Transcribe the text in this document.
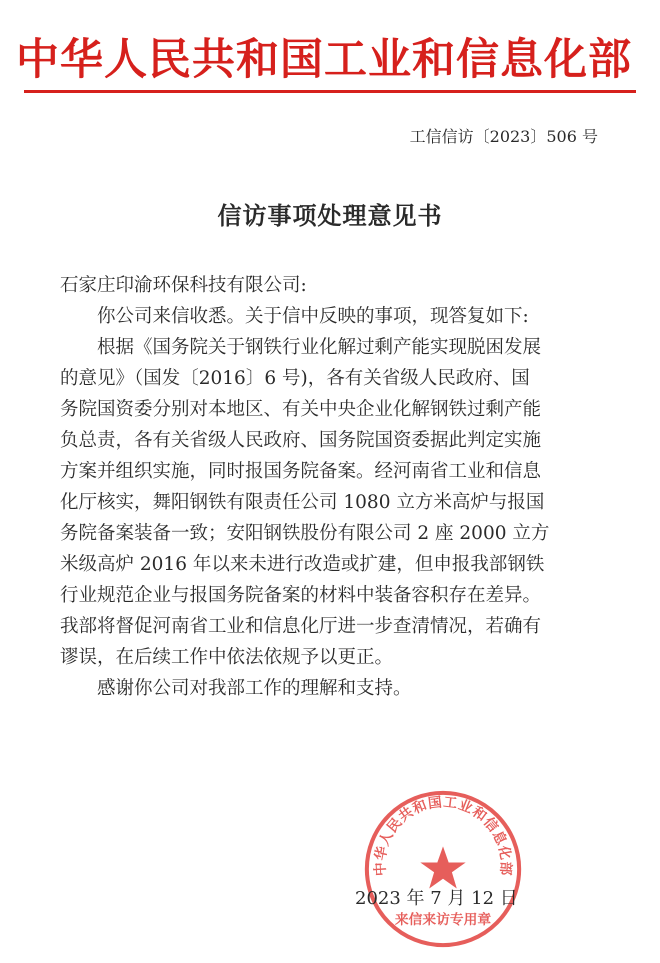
中华人民共和国工业和信息化部
工信信访〔2023〕506 号
信访事项处理意见书
石家庄印渝环保科技有限公司:
你公司来信收悉。关于信中反映的事项，现答复如下:
根据《国务院关于钢铁行业化解过剩产能实现脱困发展
的意见》（国发〔2016〕6 号)，各有关省级人民政府、国
务院国资委分别对本地区、有关中央企业化解钢铁过剩产能
负总责，各有关省级人民政府、国务院国资委据此判定实施
方案并组织实施，同时报国务院备案。经河南省工业和信息
化厅核实，舞阳钢铁有限责任公司 1080 立方米高炉与报国
务院备案装备一致；安阳钢铁股份有限公司 2 座 2000 立方
米级高炉 2016 年以来未进行改造或扩建，但申报我部钢铁
行业规范企业与报国务院备案的材料中装备容积存在差异。
我部将督促河南省工业和信息化厅进一步查清情况，若确有
谬误，在后续工作中依法依规予以更正。
感谢你公司对我部工作的理解和支持。
中华人民共和国工业和信息化部
来信来访专用章
2023 年 7 月 12 日
